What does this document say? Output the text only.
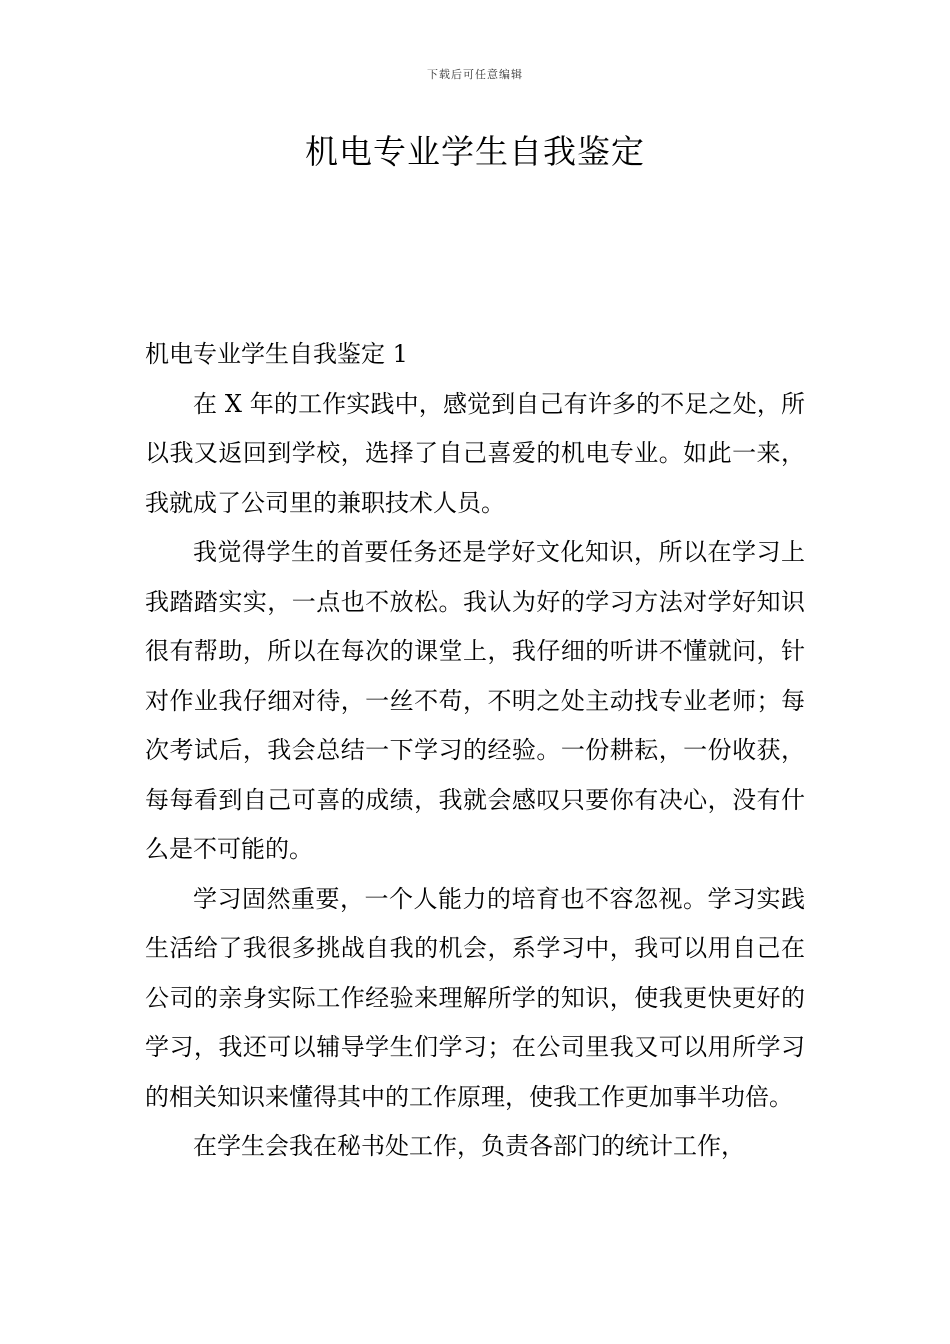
下载后可任意编辑
机电专业学生自我鉴定

机电专业学生自我鉴定 1

在 X 年的工作实践中，感觉到自己有许多的不足之处，所以我又返回到学校，选择了自己喜爱的机电专业。如此一来，我就成了公司里的兼职技术人员。

我觉得学生的首要任务还是学好文化知识，所以在学习上我踏踏实实，一点也不放松。我认为好的学习方法对学好知识很有帮助，所以在每次的课堂上，我仔细的听讲不懂就问，针对作业我仔细对待，一丝不苟，不明之处主动找专业老师；每次考试后，我会总结一下学习的经验。一份耕耘，一份收获，每每看到自己可喜的成绩，我就会感叹只要你有决心，没有什么是不可能的。

学习固然重要，一个人能力的培育也不容忽视。学习实践生活给了我很多挑战自我的机会，系学习中，我可以用自己在公司的亲身实际工作经验来理解所学的知识，使我更快更好的学习，我还可以辅导学生们学习；在公司里我又可以用所学习的相关知识来懂得其中的工作原理，使我工作更加事半功倍。

在学生会我在秘书处工作，负责各部门的统计工作，
